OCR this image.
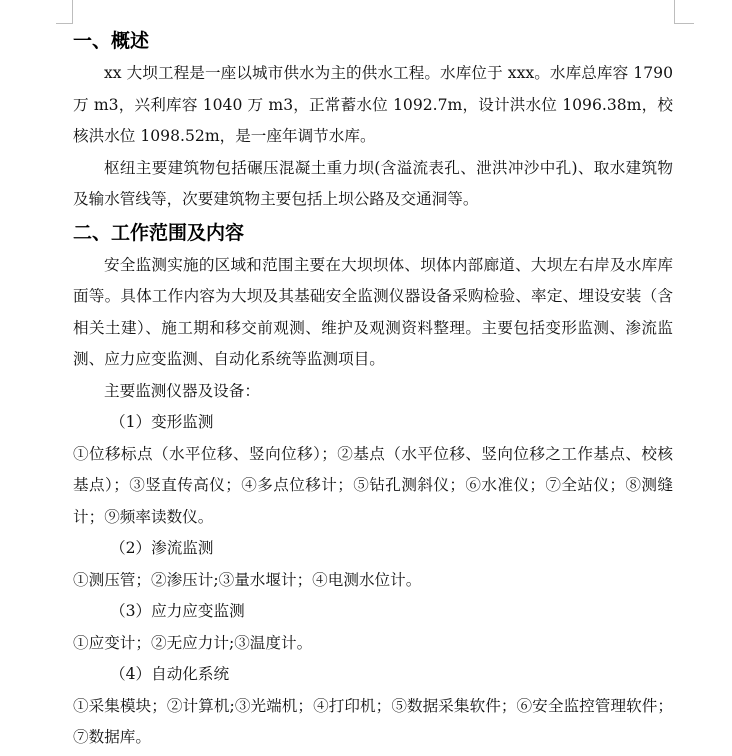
一、概述

xx 大坝工程是一座以城市供水为主的供水工程。水库位于 xxx。水库总库容 1790 万 m3，兴利库容 1040 万 m3，正常蓄水位 1092.7m，设计洪水位 1096.38m，校核洪水位 1098.52m，是一座年调节水库。

枢纽主要建筑物包括碾压混凝土重力坝(含溢流表孔、泄洪冲沙中孔)、取水建筑物及输水管线等，次要建筑物主要包括上坝公路及交通洞等。

二、工作范围及内容

安全监测实施的区域和范围主要在大坝坝体、坝体内部廊道、大坝左右岸及水库库面等。具体工作内容为大坝及其基础安全监测仪器设备采购检验、率定、埋设安装（含相关土建）、施工期和移交前观测、维护及观测资料整理。主要包括变形监测、渗流监测、应力应变监测、自动化系统等监测项目。

主要监测仪器及设备：

（1）变形监测

①位移标点（水平位移、竖向位移）；②基点（水平位移、竖向位移之工作基点、校核基点）；③竖直传高仪；④多点位移计；⑤钻孔测斜仪；⑥水准仪；⑦全站仪；⑧测缝计；⑨频率读数仪。

（2）渗流监测

①测压管；②渗压计;③量水堰计；④电测水位计。

（3）应力应变监测

①应变计；②无应力计;③温度计。

（4）自动化系统

①采集模块；②计算机;③光端机；④打印机；⑤数据采集软件；⑥安全监控管理软件；⑦数据库。
